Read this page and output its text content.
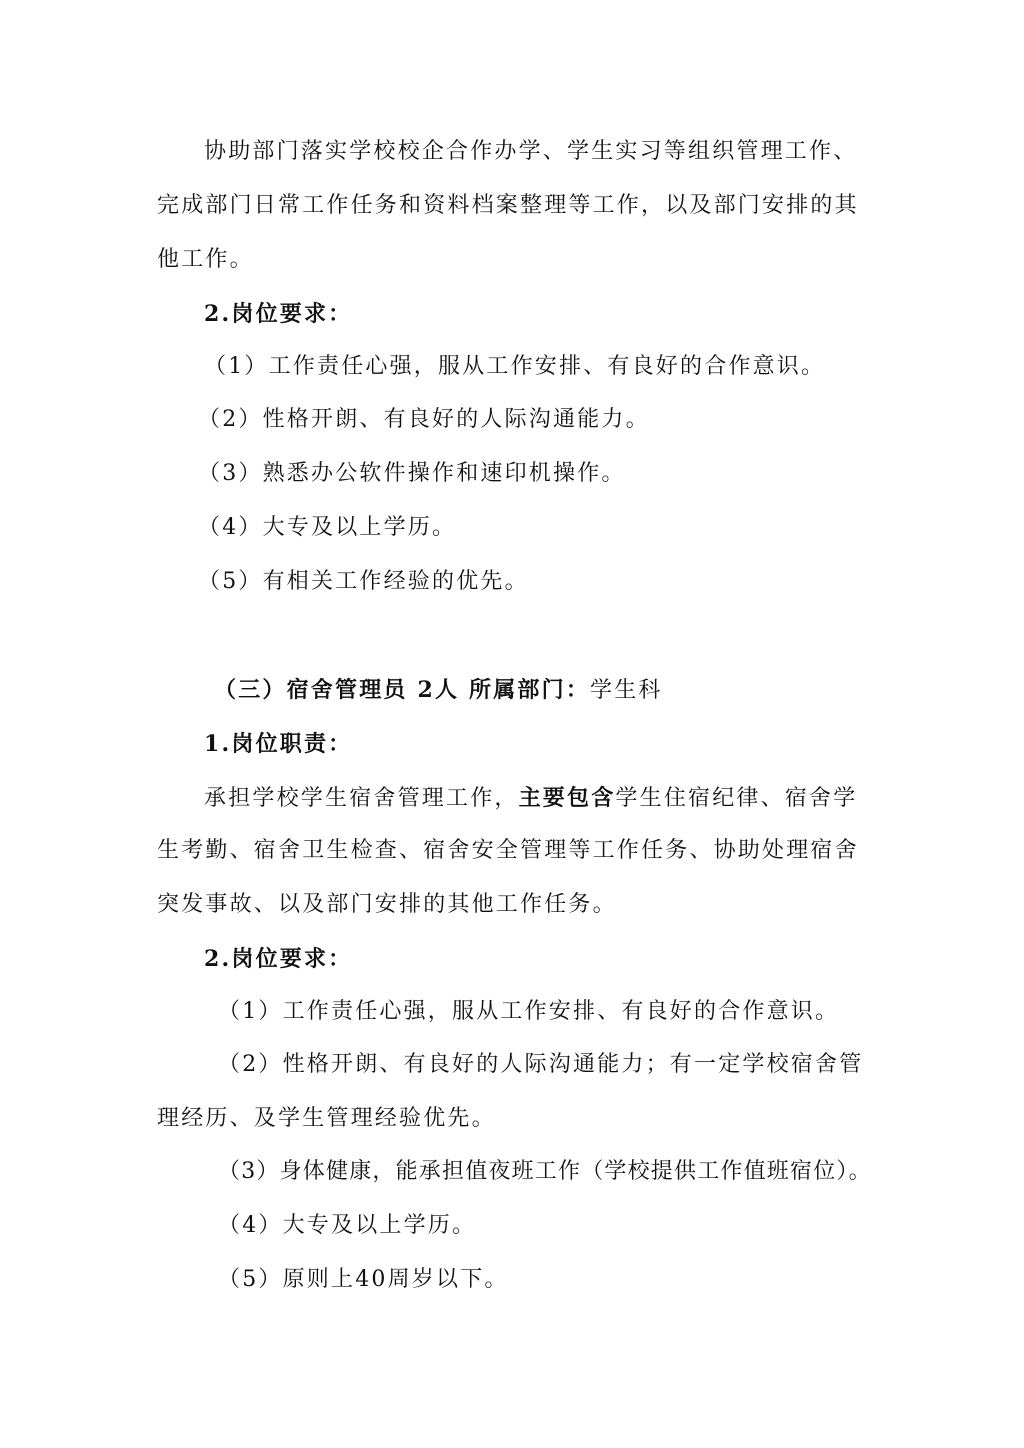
协助部门落实学校校企合作办学、学生实习等组织管理工作、
完成部门日常工作任务和资料档案整理等工作，以及部门安排的其
他工作。
2.岗位要求：
（1）工作责任心强，服从工作安排、有良好的合作意识。
（2）性格开朗、有良好的人际沟通能力。
（3）熟悉办公软件操作和速印机操作。
（4）大专及以上学历。
（5）有相关工作经验的优先。
（三）宿舍管理员 2人 所属部门：学生科
1.岗位职责：
承担学校学生宿舍管理工作，主要包含学生住宿纪律、宿舍学
生考勤、宿舍卫生检查、宿舍安全管理等工作任务、协助处理宿舍
突发事故、以及部门安排的其他工作任务。
2.岗位要求：
（1）工作责任心强，服从工作安排、有良好的合作意识。
（2）性格开朗、有良好的人际沟通能力；有一定学校宿舍管
理经历、及学生管理经验优先。
（3）身体健康，能承担值夜班工作（学校提供工作值班宿位）。
（4）大专及以上学历。
（5）原则上40周岁以下。
